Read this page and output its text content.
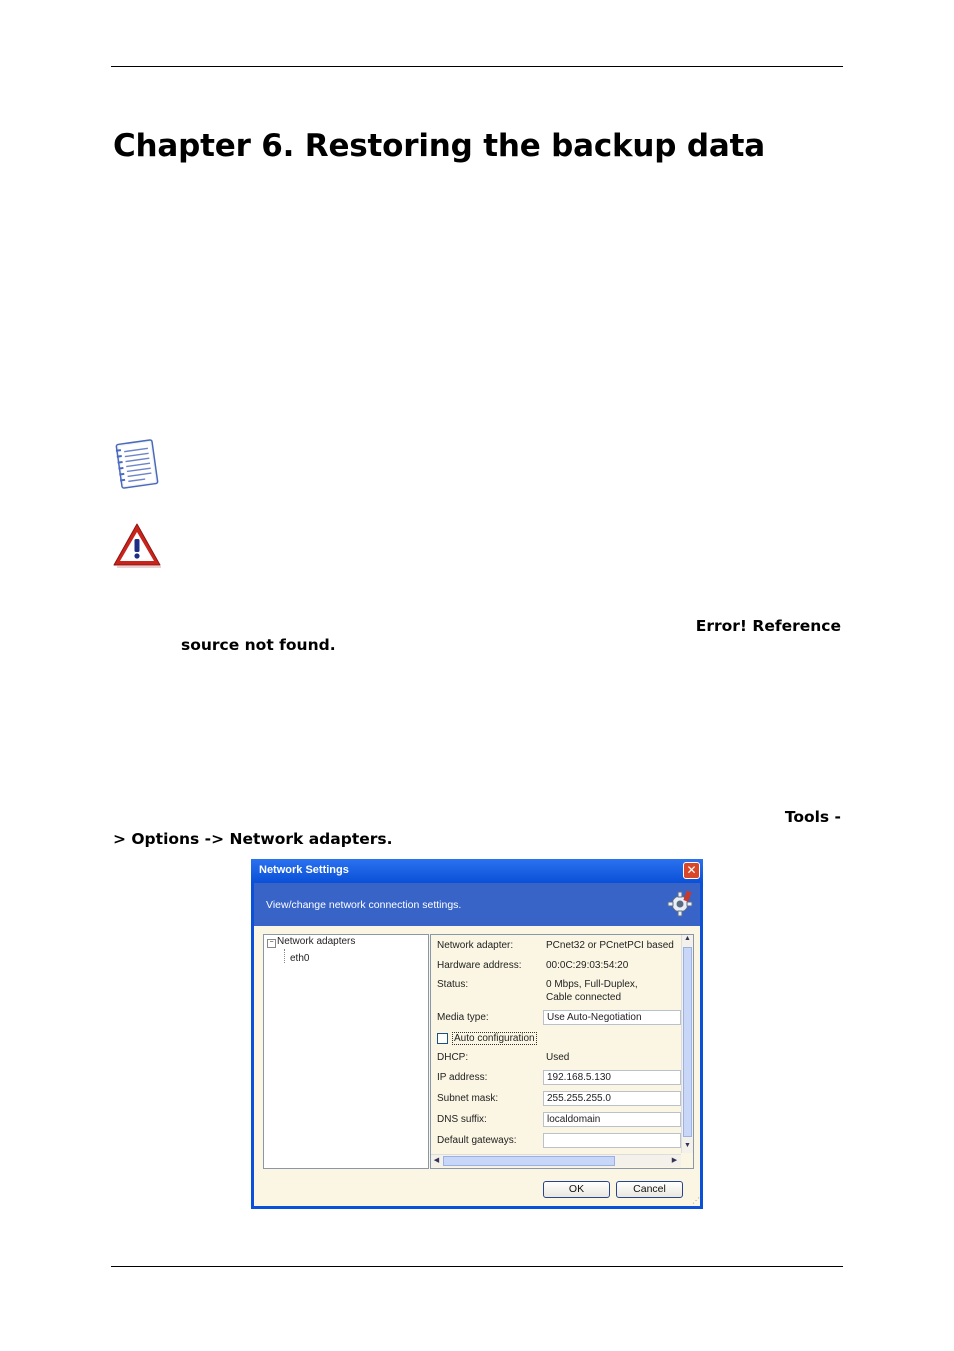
Chapter 6. Restoring the backup data
Error! Reference
source not found.
Tools -
> Options -> Network adapters.
Network Settings	✕
View/change network connection settings.
− Network adapters
eth0
Network adapter:	PCnet32 or PCnetPCI based
Hardware address: 00:0C:29:03:54:20
Status:	0 Mbps, Full-Duplex,
Cable connected
Media type:	Use Auto-Negotiation
Auto configuration
DHCP:	Used
IP address:	192.168.5.130
Subnet mask:	255.255.255.0
DNS suffix:	localdomain
Default gateways:
▲
▼
◀	▶
OK	Cancel
⋰
